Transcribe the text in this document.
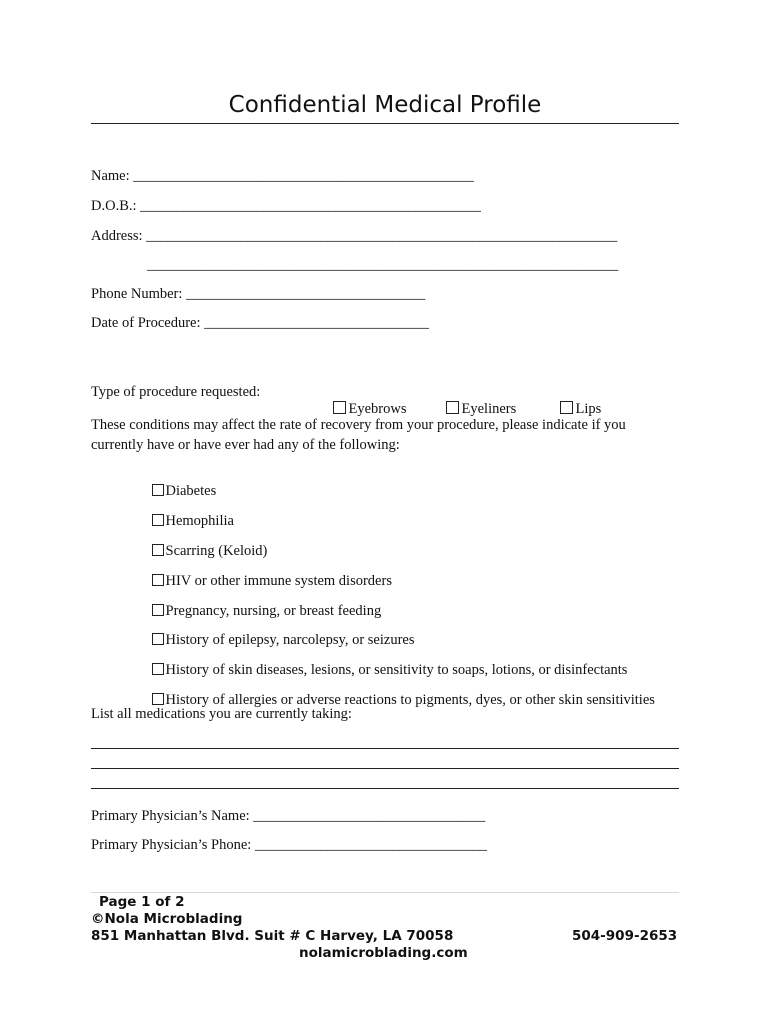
Confidential Medical Profile
Name: _______________________________________________
D.O.B.: _______________________________________________
Address: _________________________________________________________________
_________________________________________________________________
Phone Number: _________________________________
Date of Procedure: _______________________________
Type of procedure requested:

Eyebrows
	Eyeliners
	Lips

These conditions may affect the rate of recovery from your procedure, please indicate if you
currently have or have ever had any of the following:

Diabetes

Hemophilia

Scarring (Keloid)

HIV or other immune system disorders

Pregnancy, nursing, or breast feeding

History of epilepsy, narcolepsy, or seizures

History of skin diseases, lesions, or sensitivity to soaps, lotions, or disinfectants

History of allergies or adverse reactions to pigments, dyes, or other skin sensitivities

List all medications you are currently taking:
Primary Physician’s Name: ________________________________
Primary Physician’s Phone: ________________________________
Page 1 of 2
©Nola Microblading
851 Manhattan Blvd. Suit # C Harvey, LA 70058	504-909-2653
nolamicroblading.com
